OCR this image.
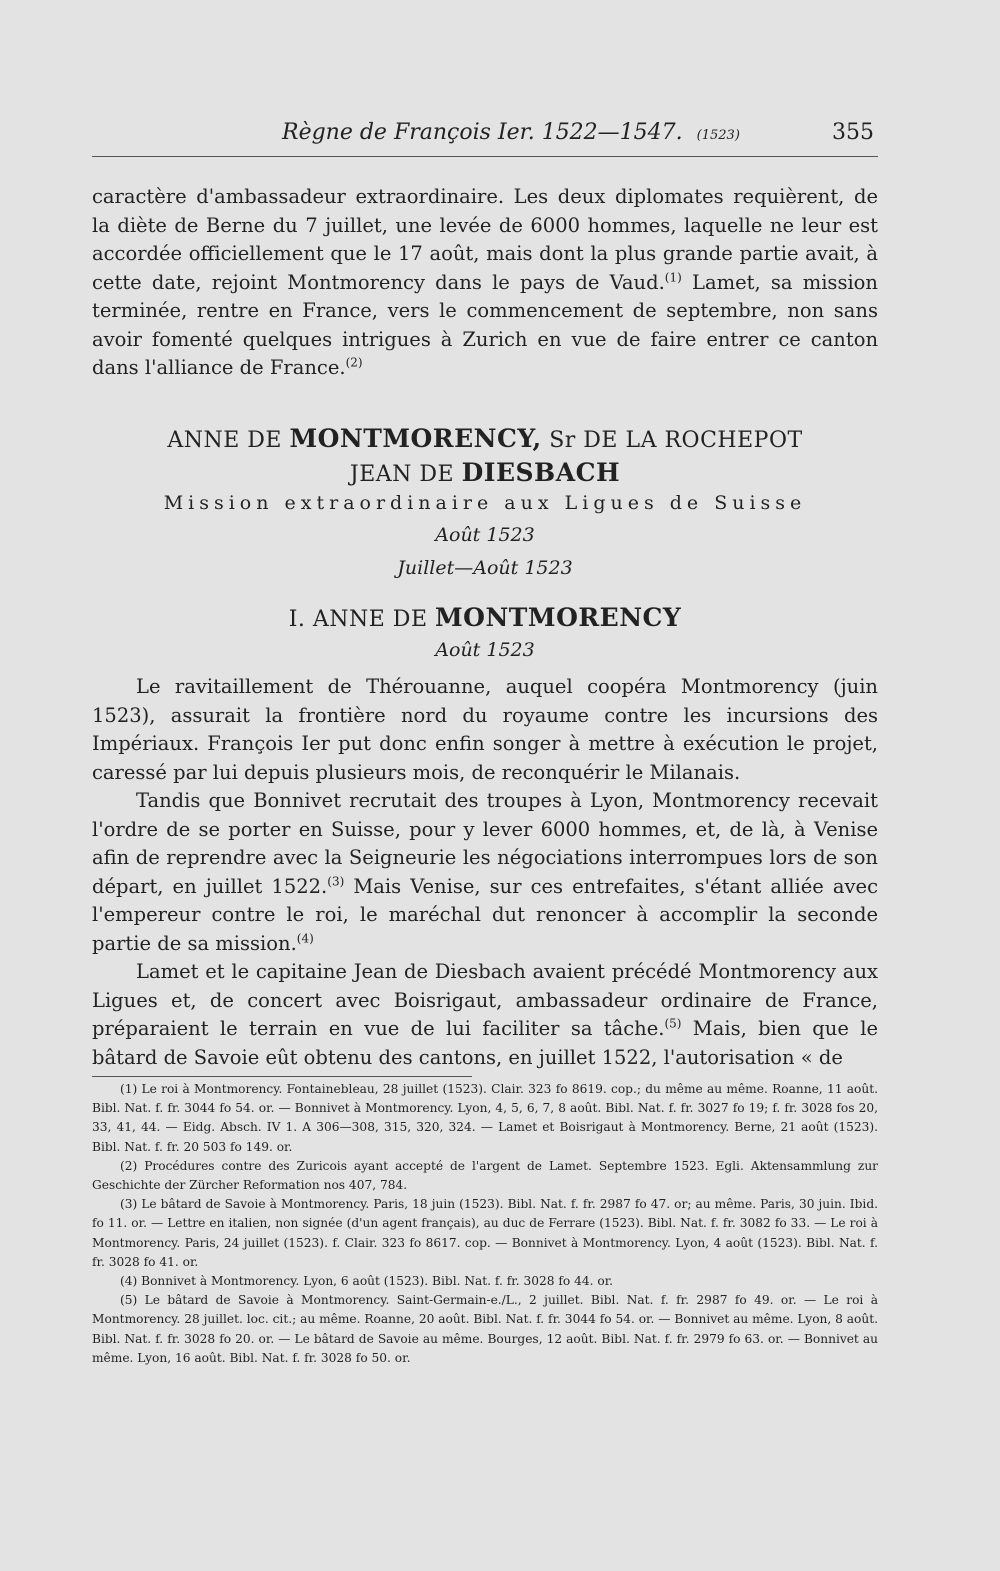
Règne de François Ier. 1522—1547. (1523)	355

caractère d'ambassadeur extraordinaire. Les deux diplomates requièrent, de la diète de Berne du 7 juillet, une levée de 6000 hommes, laquelle ne leur est accordée officiellement que le 17 août, mais dont la plus grande partie avait, à cette date, rejoint Montmorency dans le pays de Vaud.$^{(1)}$ Lamet, sa mission terminée, rentre en France, vers le commencement de septembre, non sans avoir fomenté quelques intrigues à Zurich en vue de faire entrer ce canton dans l'alliance de France.$^{(2)}$

ANNE DE MONTMORENCY, Sr DE LA ROCHEPOT
JEAN DE DIESBACH
Mission extraordinaire aux Ligues de Suisse
Août 1523
Juillet—Août 1523
I. ANNE DE MONTMORENCY
Août 1523

Le ravitaillement de Thérouanne, auquel coopéra Montmorency (juin 1523), assurait la frontière nord du royaume contre les incursions des Impériaux. François Ier put donc enfin songer à mettre à exécution le projet, caressé par lui depuis plusieurs mois, de reconquérir le Milanais.

Tandis que Bonnivet recrutait des troupes à Lyon, Montmorency recevait l'ordre de se porter en Suisse, pour y lever 6000 hommes, et, de là, à Venise afin de reprendre avec la Seigneurie les négociations interrompues lors de son départ, en juillet 1522.$^{(3)}$ Mais Venise, sur ces entrefaites, s'étant alliée avec l'empereur contre le roi, le maréchal dut renoncer à accomplir la seconde partie de sa mission.$^{(4)}$

Lamet et le capitaine Jean de Diesbach avaient précédé Montmorency aux Ligues et, de concert avec Boisrigaut, ambassadeur ordinaire de France, préparaient le terrain en vue de lui faciliter sa tâche.$^{(5)}$ Mais, bien que le bâtard de Savoie eût obtenu des cantons, en juillet 1522, l'autorisation « de

(1) Le roi à Montmorency. Fontainebleau, 28 juillet (1523). Clair. 323 fo 8619. cop.; du même au même. Roanne, 11 août. Bibl. Nat. f. fr. 3044 fo 54. or. — Bonnivet à Montmorency. Lyon, 4, 5, 6, 7, 8 août. Bibl. Nat. f. fr. 3027 fo 19; f. fr. 3028 fos 20, 33, 41, 44. — Eidg. Absch. IV 1. A 306—308, 315, 320, 324. — Lamet et Boisrigaut à Montmorency. Berne, 21 août (1523). Bibl. Nat. f. fr. 20 503 fo 149. or.

(2) Procédures contre des Zuricois ayant accepté de l'argent de Lamet. Septembre 1523. Egli. Aktensammlung zur Geschichte der Zürcher Reformation nos 407, 784.

(3) Le bâtard de Savoie à Montmorency. Paris, 18 juin (1523). Bibl. Nat. f. fr. 2987 fo 47. or; au même. Paris, 30 juin. Ibid. fo 11. or. — Lettre en italien, non signée (d'un agent français), au duc de Ferrare (1523). Bibl. Nat. f. fr. 3082 fo 33. — Le roi à Montmorency. Paris, 24 juillet (1523). f. Clair. 323 fo 8617. cop. — Bonnivet à Montmorency. Lyon, 4 août (1523). Bibl. Nat. f. fr. 3028 fo 41. or.

(4) Bonnivet à Montmorency. Lyon, 6 août (1523). Bibl. Nat. f. fr. 3028 fo 44. or.

(5) Le bâtard de Savoie à Montmorency. Saint-Germain-e./L., 2 juillet. Bibl. Nat. f. fr. 2987 fo 49. or. — Le roi à Montmorency. 28 juillet. loc. cit.; au même. Roanne, 20 août. Bibl. Nat. f. fr. 3044 fo 54. or. — Bonnivet au même. Lyon, 8 août. Bibl. Nat. f. fr. 3028 fo 20. or. — Le bâtard de Savoie au même. Bourges, 12 août. Bibl. Nat. f. fr. 2979 fo 63. or. — Bonnivet au même. Lyon, 16 août. Bibl. Nat. f. fr. 3028 fo 50. or.
